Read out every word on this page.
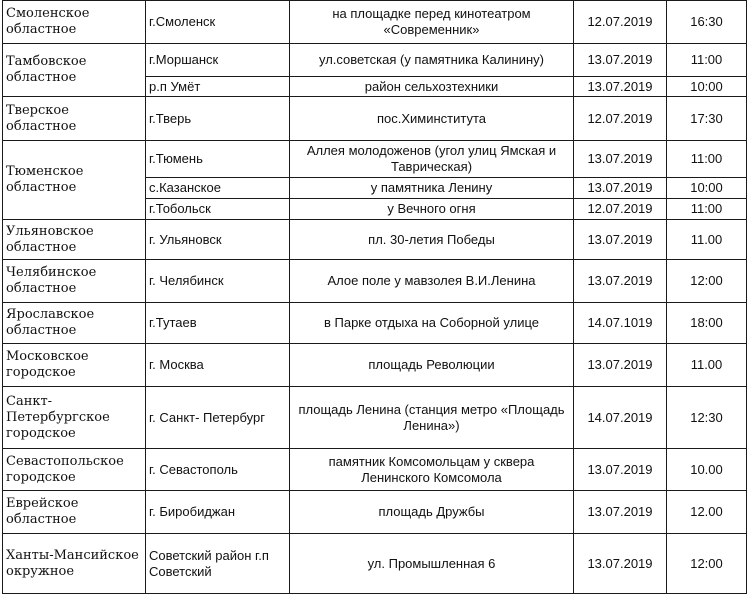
Смоленское областное	г.Смоленск	на площадке перед кинотеатром «Современник»	12.07.2019	16:30
Тамбовское областное	г.Моршанск	ул.советская (у памятника Калинину)	13.07.2019	11:00
	р.п Умёт	район сельхозтехники	13.07.2019	10:00
Тверское областное	г.Тверь	пос.Химинститута	12.07.2019	17:30
Тюменское областное	г.Тюмень	Аллея молодоженов (угол улиц Ямская и Таврическая)	13.07.2019	11:00
	с.Казанское	у памятника Ленину	13.07.2019	10:00
	г.Тобольск	у Вечного огня	12.07.2019	11:00
Ульяновское областное	г. Ульяновск	пл. 30-летия Победы	13.07.2019	11.00
Челябинское областное	г. Челябинск	Алое поле у мавзолея В.И.Ленина	13.07.2019	12:00
Ярославское областное	г.Тутаев	в Парке отдыха на Соборной улице	14.07.1019	18:00
Московское городское	г. Москва	площадь Революции	13.07.2019	11.00
Санкт-Петербургское городское	г. Санкт- Петербург	площадь Ленина (станция метро «Площадь Ленина»)	14.07.2019	12:30
Севастопольское городское	г. Севастополь	памятник Комсомольцам у сквера Ленинского Комсомола	13.07.2019	10.00
Еврейское областное	г. Биробиджан	площадь Дружбы	13.07.2019	12.00
Ханты-Мансийское окружное	Советский район г.п Советский	ул. Промышленная 6	13.07.2019	12:00
